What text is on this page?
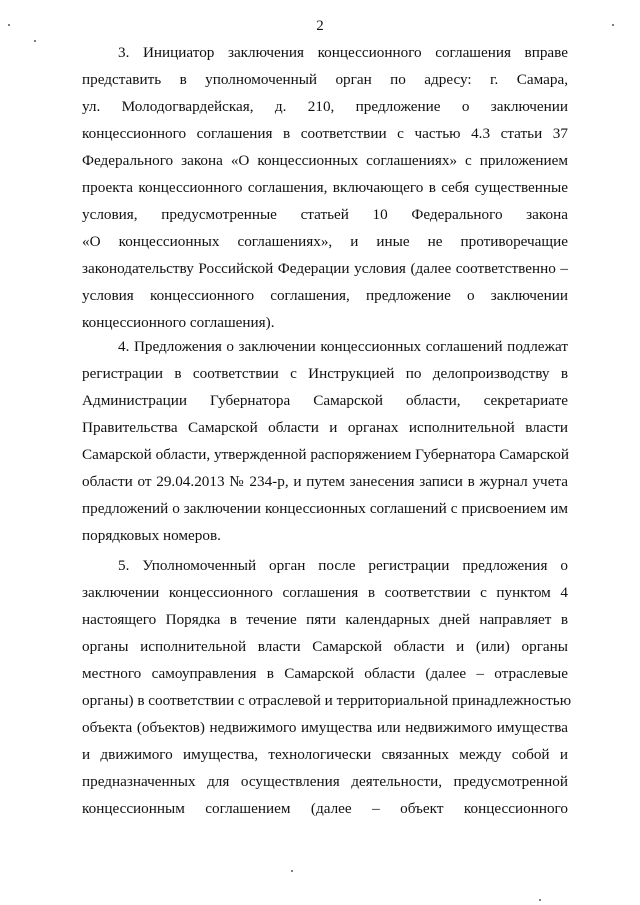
2
3. Инициатор заключения концессионного соглашения вправе
представить в уполномоченный орган по адресу: г. Самара,
ул. Молодогвардейская, д. 210, предложение о заключении
концессионного соглашения в соответствии с частью 4.3 статьи 37
Федерального закона «О концессионных соглашениях» с приложением
проекта концессионного соглашения, включающего в себя существенные
условия, предусмотренные статьей 10 Федерального закона
«О концессионных соглашениях», и иные не противоречащие
законодательству Российской Федерации условия (далее соответственно –
условия концессионного соглашения, предложение о заключении
концессионного соглашения).
4. Предложения о заключении концессионных соглашений подлежат
регистрации в соответствии с Инструкцией по делопроизводству в
Администрации Губернатора Самарской области, секретариате
Правительства Самарской области и органах исполнительной власти
Самарской области, утвержденной распоряжением Губернатора Самарской
области от 29.04.2013 № 234-р, и путем занесения записи в журнал учета
предложений о заключении концессионных соглашений с присвоением им
порядковых номеров.
5. Уполномоченный орган после регистрации предложения о
заключении концессионного соглашения в соответствии с пунктом 4
настоящего Порядка в течение пяти календарных дней направляет в
органы исполнительной власти Самарской области и (или) органы
местного самоуправления в Самарской области (далее – отраслевые
органы) в соответствии с отраслевой и территориальной принадлежностью
объекта (объектов) недвижимого имущества или недвижимого имущества
и движимого имущества, технологически связанных между собой и
предназначенных для осуществления деятельности, предусмотренной
концессионным соглашением (далее – объект концессионного
